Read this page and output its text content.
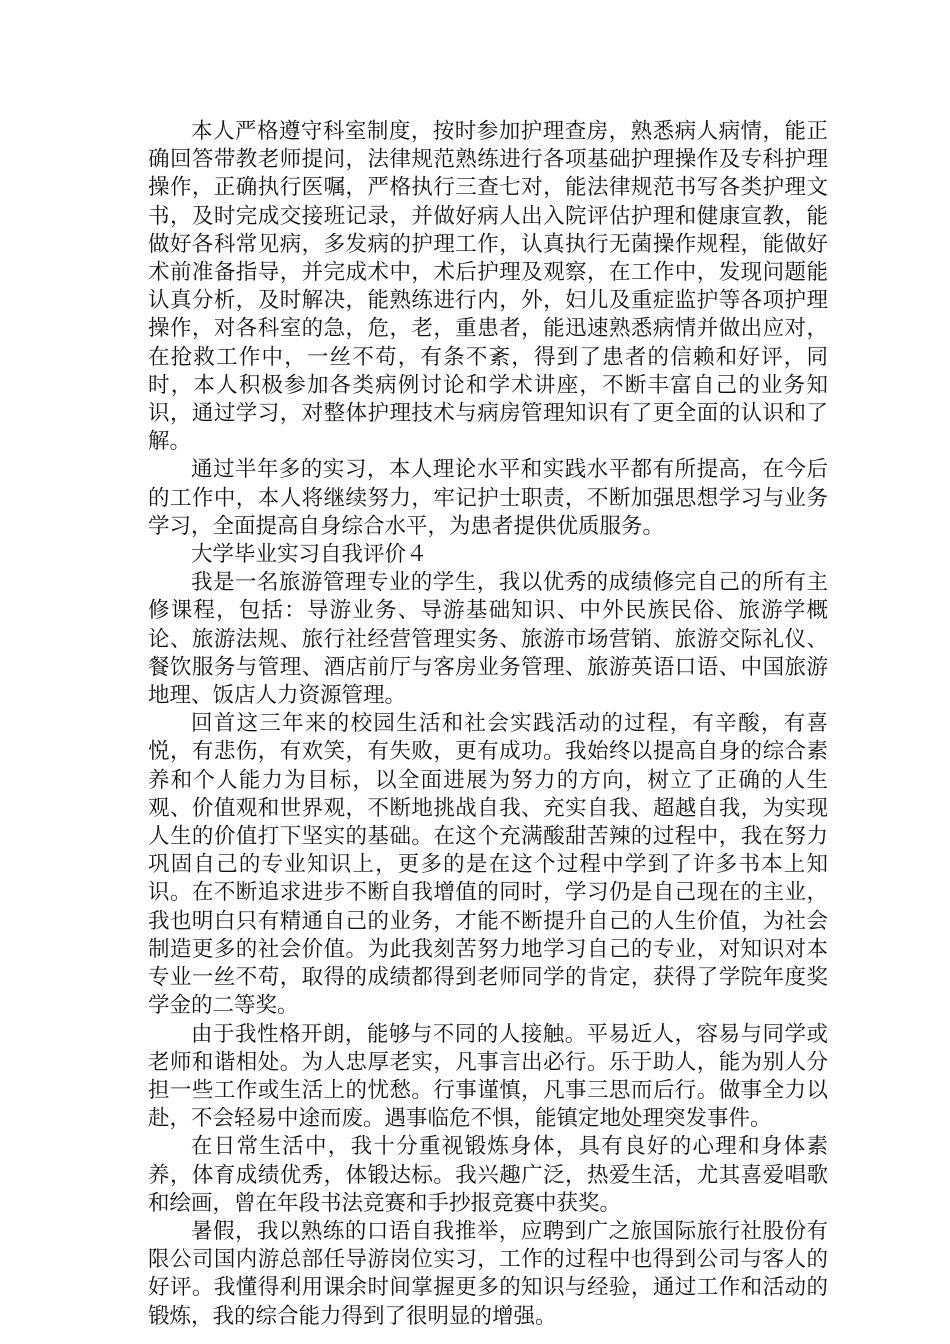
本人严格遵守科室制度，按时参加护理查房，熟悉病人病情，能正确回答带教老师提问，法律规范熟练进行各项基础护理操作及专科护理操作，正确执行医嘱，严格执行三查七对，能法律规范书写各类护理文书，及时完成交接班记录，并做好病人出入院评估护理和健康宣教，能做好各科常见病，多发病的护理工作，认真执行无菌操作规程，能做好术前准备指导，并完成术中，术后护理及观察，在工作中，发现问题能认真分析，及时解决，能熟练进行内，外，妇儿及重症监护等各项护理操作，对各科室的急，危，老，重患者，能迅速熟悉病情并做出应对，在抢救工作中，一丝不苟，有条不紊，得到了患者的信赖和好评，同时，本人积极参加各类病例讨论和学术讲座，不断丰富自己的业务知识，通过学习，对整体护理技术与病房管理知识有了更全面的认识和了解。

通过半年多的实习，本人理论水平和实践水平都有所提高，在今后的工作中，本人将继续努力，牢记护士职责，不断加强思想学习与业务学习，全面提高自身综合水平，为患者提供优质服务。

大学毕业实习自我评价４

我是一名旅游管理专业的学生，我以优秀的成绩修完自己的所有主修课程，包括：导游业务、导游基础知识、中外民族民俗、旅游学概论、旅游法规、旅行社经营管理实务、旅游市场营销、旅游交际礼仪、餐饮服务与管理、酒店前厅与客房业务管理、旅游英语口语、中国旅游地理、饭店人力资源管理。

回首这三年来的校园生活和社会实践活动的过程，有辛酸，有喜悦，有悲伤，有欢笑，有失败，更有成功。我始终以提高自身的综合素养和个人能力为目标，以全面进展为努力的方向，树立了正确的人生观、价值观和世界观，不断地挑战自我、充实自我、超越自我，为实现人生的价值打下坚实的基础。在这个充满酸甜苦辣的过程中，我在努力巩固自己的专业知识上，更多的是在这个过程中学到了许多书本上知识。在不断追求进步不断自我增值的同时，学习仍是自己现在的主业，我也明白只有精通自己的业务，才能不断提升自己的人生价值，为社会制造更多的社会价值。为此我刻苦努力地学习自己的专业，对知识对本专业一丝不苟，取得的成绩都得到老师同学的肯定，获得了学院年度奖学金的二等奖。

由于我性格开朗，能够与不同的人接触。平易近人，容易与同学或老师和谐相处。为人忠厚老实，凡事言出必行。乐于助人，能为别人分担一些工作或生活上的忧愁。行事谨慎，凡事三思而后行。做事全力以赴，不会轻易中途而废。遇事临危不惧，能镇定地处理突发事件。

在日常生活中，我十分重视锻炼身体，具有良好的心理和身体素养，体育成绩优秀，体锻达标。我兴趣广泛，热爱生活，尤其喜爱唱歌和绘画，曾在年段书法竞赛和手抄报竞赛中获奖。

暑假，我以熟练的口语自我推举，应聘到广之旅国际旅行社股份有限公司国内游总部任导游岗位实习，工作的过程中也得到公司与客人的好评。我懂得利用课余时间掌握更多的知识与经验，通过工作和活动的锻炼，我的综合能力得到了很明显的增强。
